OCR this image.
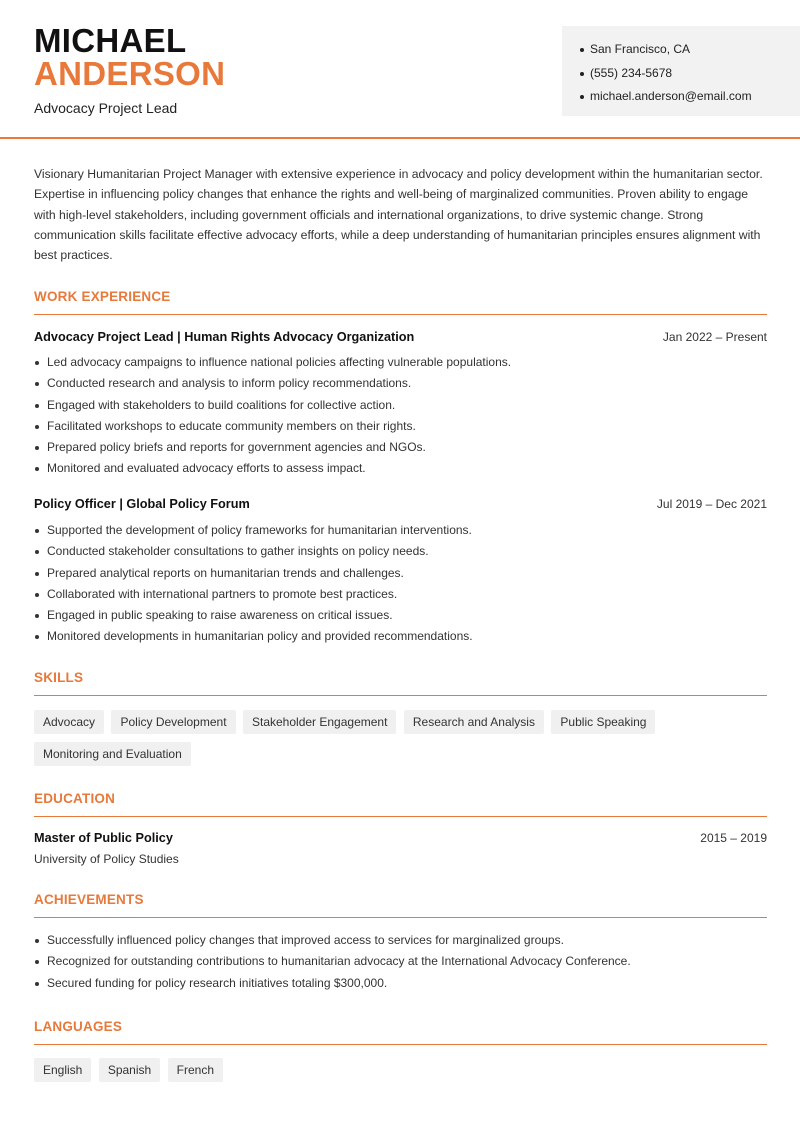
MICHAEL
ANDERSON
Advocacy Project Lead
San Francisco, CA
(555) 234-5678
michael.anderson@email.com
Visionary Humanitarian Project Manager with extensive experience in advocacy and policy development within the humanitarian sector. Expertise in influencing policy changes that enhance the rights and well-being of marginalized communities. Proven ability to engage with high-level stakeholders, including government officials and international organizations, to drive systemic change. Strong communication skills facilitate effective advocacy efforts, while a deep understanding of humanitarian principles ensures alignment with best practices.
WORK EXPERIENCE
Advocacy Project Lead | Human Rights Advocacy Organization	Jan 2022 – Present
Led advocacy campaigns to influence national policies affecting vulnerable populations.
Conducted research and analysis to inform policy recommendations.
Engaged with stakeholders to build coalitions for collective action.
Facilitated workshops to educate community members on their rights.
Prepared policy briefs and reports for government agencies and NGOs.
Monitored and evaluated advocacy efforts to assess impact.
Policy Officer | Global Policy Forum	Jul 2019 – Dec 2021
Supported the development of policy frameworks for humanitarian interventions.
Conducted stakeholder consultations to gather insights on policy needs.
Prepared analytical reports on humanitarian trends and challenges.
Collaborated with international partners to promote best practices.
Engaged in public speaking to raise awareness on critical issues.
Monitored developments in humanitarian policy and provided recommendations.
SKILLS
Advocacy Policy Development Stakeholder Engagement Research and Analysis Public Speaking Monitoring and Evaluation
EDUCATION
Master of Public Policy	2015 – 2019
University of Policy Studies
ACHIEVEMENTS
Successfully influenced policy changes that improved access to services for marginalized groups.
Recognized for outstanding contributions to humanitarian advocacy at the International Advocacy Conference.
Secured funding for policy research initiatives totaling $300,000.
LANGUAGES
English Spanish French
